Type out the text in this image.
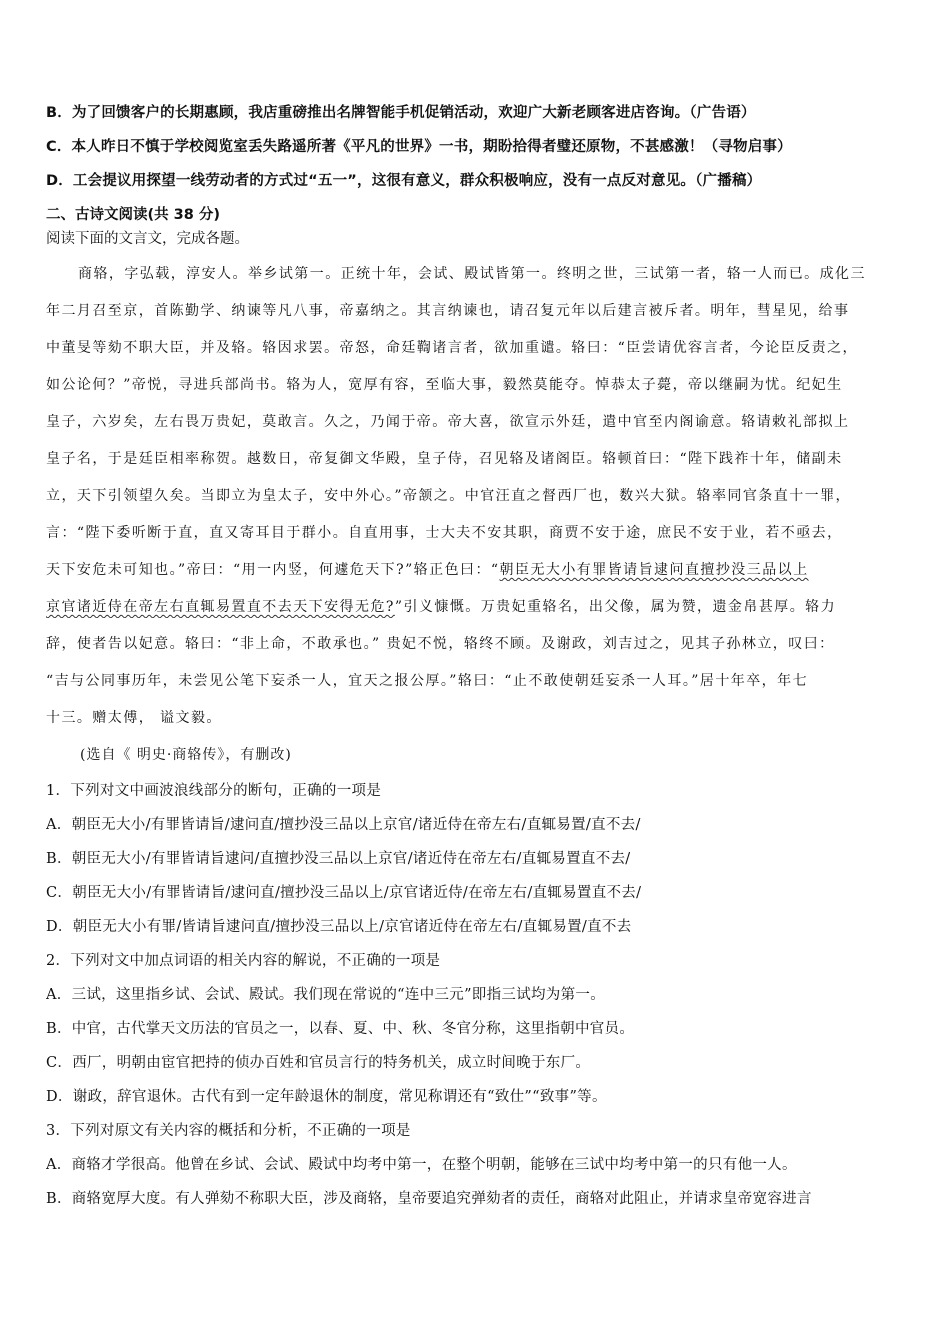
B．为了回馈客户的长期惠顾，我店重磅推出名牌智能手机促销活动，欢迎广大新老顾客进店咨询。（广告语）
C．本人昨日不慎于学校阅览室丢失路遥所著《平凡的世界》一书，期盼拾得者璧还原物，不甚感激！（寻物启事）
D．工会提议用探望一线劳动者的方式过“五一”，这很有意义，群众积极响应，没有一点反对意见。（广播稿）
二、古诗文阅读(共 38 分)
阅读下面的文言文，完成各题。
商辂，字弘载，淳安人。举乡试第一。正统十年，会试、殿试皆第一。终明之世，三试第一者，辂一人而已。成化三
年二月召至京，首陈勤学、纳谏等凡八事，帝嘉纳之。其言纳谏也，请召复元年以后建言被斥者。明年，彗星见，给事
中董旻等劾不职大臣，并及辂。辂因求罢。帝怒，命廷鞫诸言者，欲加重谴。辂曰：“臣尝请优容言者，今论臣反责之，
如公论何？”帝悦，寻进兵部尚书。辂为人，宽厚有容，至临大事，毅然莫能夺。悼恭太子薨，帝以继嗣为忧。纪妃生
皇子，六岁矣，左右畏万贵妃，莫敢言。久之，乃闻于帝。帝大喜，欲宣示外廷，遣中官至内阁谕意。辂请敕礼部拟上
皇子名，于是廷臣相率称贺。越数日，帝复御文华殿，皇子侍，召见辂及诸阁臣。辂顿首曰：“陛下践祚十年，储副未
立，天下引领望久矣。当即立为皇太子，安中外心。”帝颔之。中官汪直之督西厂也，数兴大狱。辂率同官条直十一罪，
言：“陛下委听断于直，直又寄耳目于群小。自直用事，士大夫不安其职，商贾不安于途，庶民不安于业，若不亟去，
天下安危未可知也。”帝曰：“用一内竖，何遽危天下?”辂正色曰：“朝臣无大小有罪皆请旨逮问直擅抄没三品以上
京官诸近侍在帝左右直辄易置直不去天下安得无危?”引义慷慨。万贵妃重辂名，出父像，属为赞，遗金帛甚厚。辂力
辞，使者告以妃意。辂曰：“非上命，不敢承也。” 贵妃不悦，辂终不顾。及谢政，刘吉过之，见其子孙林立，叹曰：
“吉与公同事历年，未尝见公笔下妄杀一人，宜天之报公厚。”辂曰：“止不敢使朝廷妄杀一人耳。”居十年卒，年七
十三。赠太傅， 谥文毅。
(选自《 明史·商辂传》，有删改)
1．下列对文中画波浪线部分的断句，正确的一项是
A．朝臣无大小/有罪皆请旨/逮问直/擅抄没三品以上京官/诸近侍在帝左右/直辄易置/直不去/
B．朝臣无大小/有罪皆请旨逮问/直擅抄没三品以上京官/诸近侍在帝左右/直辄易置直不去/
C．朝臣无大小/有罪皆请旨/逮问直/擅抄没三品以上/京官诸近侍/在帝左右/直辄易置直不去/
D．朝臣无大小有罪/皆请旨逮问直/擅抄没三品以上/京官诸近侍在帝左右/直辄易置/直不去
2．下列对文中加点词语的相关内容的解说，不正确的一项是
A．三试，这里指乡试、会试、殿试。我们现在常说的“连中三元”即指三试均为第一。
B．中官，古代掌天文历法的官员之一，以春、夏、中、秋、冬官分称，这里指朝中官员。
C．西厂，明朝由宦官把持的侦办百姓和官员言行的特务机关，成立时间晚于东厂。
D．谢政，辞官退休。古代有到一定年龄退休的制度，常见称谓还有“致仕”“致事”等。
3．下列对原文有关内容的概括和分析，不正确的一项是
A．商辂才学很高。他曾在乡试、会试、殿试中均考中第一，在整个明朝，能够在三试中均考中第一的只有他一人。
B．商辂宽厚大度。有人弹劾不称职大臣，涉及商辂，皇帝要追究弹劾者的责任，商辂对此阻止，并请求皇帝宽容进言
